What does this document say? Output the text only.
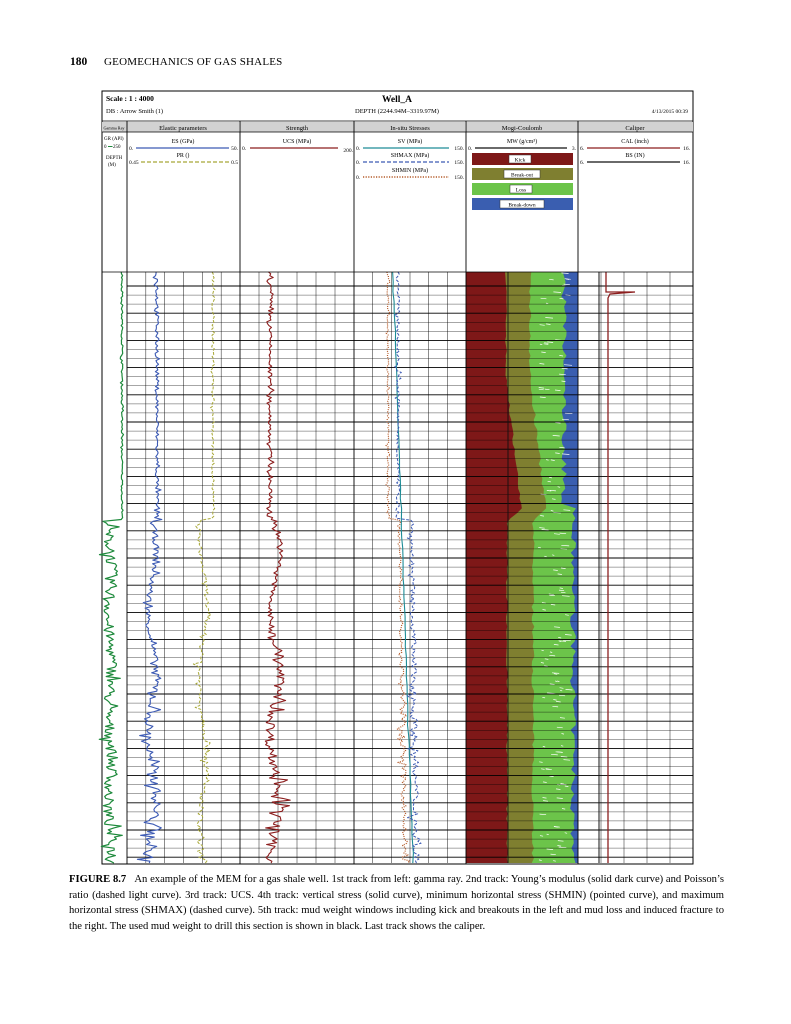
180 GEOMECHANICS OF GAS SHALES
Scale : 1 : 4000
DB : Arrow Smith (1)
Well_A
DEPTH (2244.94M–3319.97M)	4/13/2015 00:39
Gamma Ray	Elastic parameters	Strength	In-situ Stresses	Mogi-Coulomb	Caliper
GR (API)
0 250
DEPTH
(M)
ES (GPa)
0.	50.
PR ()
0.45	0.5
UCS (MPa)
0.	200.
SV (MPa)
0.	150.
SHMAX (MPa)
0.	150.
SHMIN (MPa)
0.	150.
MW (g/cm³)
0.	3.
Kick
Break-out
Loss
Break-down
CAL (inch)
6.	16.
BS (IN)
6.	16.
FIGURE 8.7 An example of the MEM for a gas shale well. 1st track from left: gamma ray. 2nd track: Young’s modulus (solid dark curve) and Poisson’s ratio (dashed light curve). 3rd track: UCS. 4th track: vertical stress (solid curve), minimum horizontal stress (SHMIN) (pointed curve), and maximum horizontal stress (SHMAX) (dashed curve). 5th track: mud weight windows including kick and breakouts in the left and mud loss and induced fracture to the right. The used mud weight to drill this section is shown in black. Last track shows the caliper.
